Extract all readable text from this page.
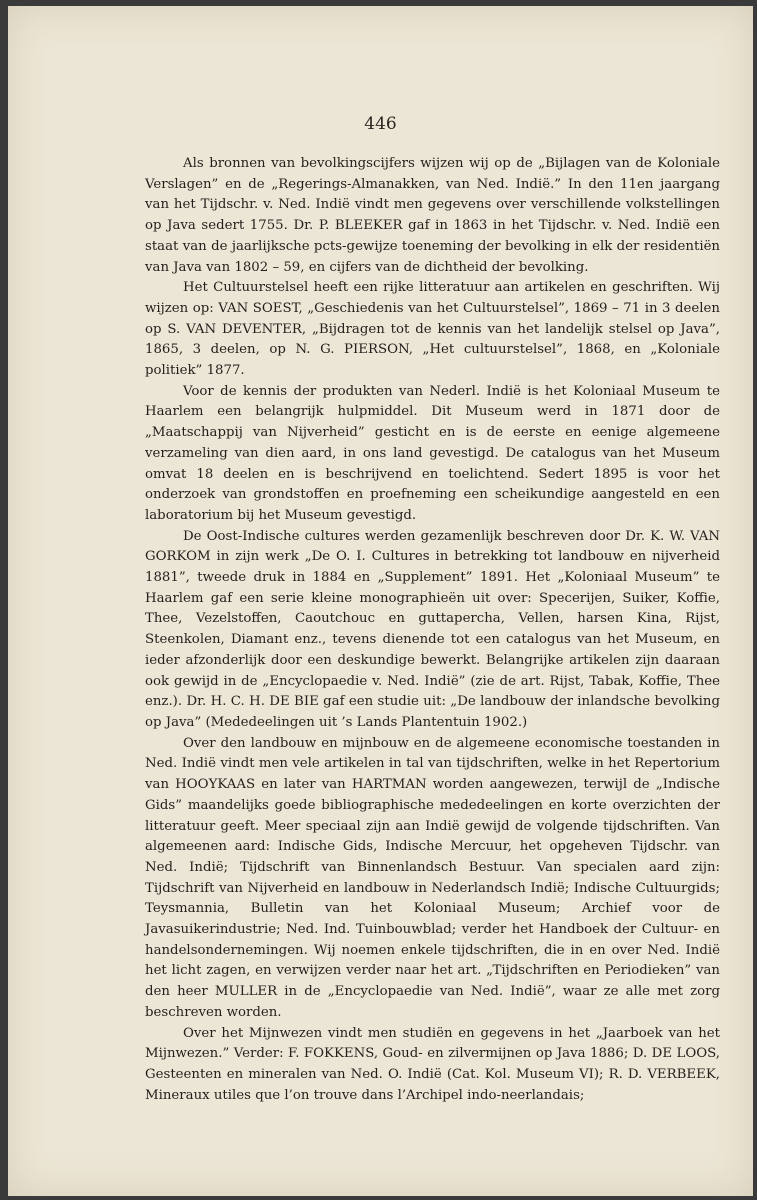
446

Als bronnen van bevolkingscijfers wijzen wij op de „Bijlagen van de Koloniale Verslagen” en de „Regerings-Almanakken, van Ned. Indië.” In den 11en jaargang van het Tijdschr. v. Ned. Indië vindt men gegevens over verschillende volkstellingen op Java sedert 1755. Dr. P. BLEEKER gaf in 1863 in het Tijdschr. v. Ned. Indië een staat van de jaarlijksche pcts-gewijze toeneming der bevolking in elk der residentiën van Java van 1802 – 59, en cijfers van de dichtheid der bevolking.

Het Cultuurstelsel heeft een rijke litteratuur aan artikelen en geschriften. Wij wijzen op: VAN SOEST, „Geschiedenis van het Cultuurstelsel”, 1869 – 71 in 3 deelen op S. VAN DEVENTER, „Bijdragen tot de kennis van het landelijk stelsel op Java”, 1865, 3 deelen, op N. G. PIERSON, „Het cultuurstelsel”, 1868, en „Koloniale politiek” 1877.

Voor de kennis der produkten van Nederl. Indië is het Koloniaal Museum te Haarlem een belangrijk hulpmiddel. Dit Museum werd in 1871 door de „Maatschappij van Nijverheid” gesticht en is de eerste en eenige algemeene verzameling van dien aard, in ons land gevestigd. De catalogus van het Museum omvat 18 deelen en is beschrijvend en toelichtend. Sedert 1895 is voor het onderzoek van grondstoffen en proefneming een scheikundige aangesteld en een laboratorium bij het Museum gevestigd.

De Oost-Indische cultures werden gezamenlijk beschreven door Dr. K. W. VAN GORKOM in zijn werk „De O. I. Cultures in betrekking tot landbouw en nijverheid 1881”, tweede druk in 1884 en „Supplement” 1891. Het „Koloniaal Museum” te Haarlem gaf een serie kleine monographieën uit over: Specerijen, Suiker, Koffie, Thee, Vezelstoffen, Caoutchouc en guttapercha, Vellen, harsen Kina, Rijst, Steenkolen, Diamant enz., tevens dienende tot een catalogus van het Museum, en ieder afzonderlijk door een deskundige bewerkt. Belangrijke artikelen zijn daaraan ook gewijd in de „Encyclopaedie v. Ned. Indië” (zie de art. Rijst, Tabak, Koffie, Thee enz.). Dr. H. C. H. DE BIE gaf een studie uit: „De landbouw der inlandsche bevolking op Java” (Mededeelingen uit ’s Lands Plantentuin 1902.)

Over den landbouw en mijnbouw en de algemeene economische toestanden in Ned. Indië vindt men vele artikelen in tal van tijdschriften, welke in het Repertorium van HOOYKAAS en later van HARTMAN worden aangewezen, terwijl de „Indische Gids” maandelijks goede bibliographische mededeelingen en korte overzichten der litteratuur geeft. Meer speciaal zijn aan Indië gewijd de volgende tijdschriften. Van algemeenen aard: Indische Gids, Indische Mercuur, het opgeheven Tijdschr. van Ned. Indië; Tijdschrift van Binnenlandsch Bestuur. Van specialen aard zijn: Tijdschrift van Nijverheid en landbouw in Nederlandsch Indië; Indische Cultuurgids; Teysmannia, Bulletin van het Koloniaal Museum; Archief voor de Javasuikerindustrie; Ned. Ind. Tuinbouwblad; verder het Handboek der Cultuur- en handelsondernemingen. Wij noemen enkele tijdschriften, die in en over Ned. Indië het licht zagen, en verwijzen verder naar het art. „Tijdschriften en Periodieken” van den heer MULLER in de „Encyclopaedie van Ned. Indië”, waar ze alle met zorg beschreven worden.

Over het Mijnwezen vindt men studiën en gegevens in het „Jaarboek van het Mijnwezen.” Verder: F. FOKKENS, Goud- en zilvermijnen op Java 1886; D. DE LOOS, Gesteenten en mineralen van Ned. O. Indië (Cat. Kol. Museum VI); R. D. VERBEEK, Mineraux utiles que l’on trouve dans l’Archipel indo-neerlandais;
